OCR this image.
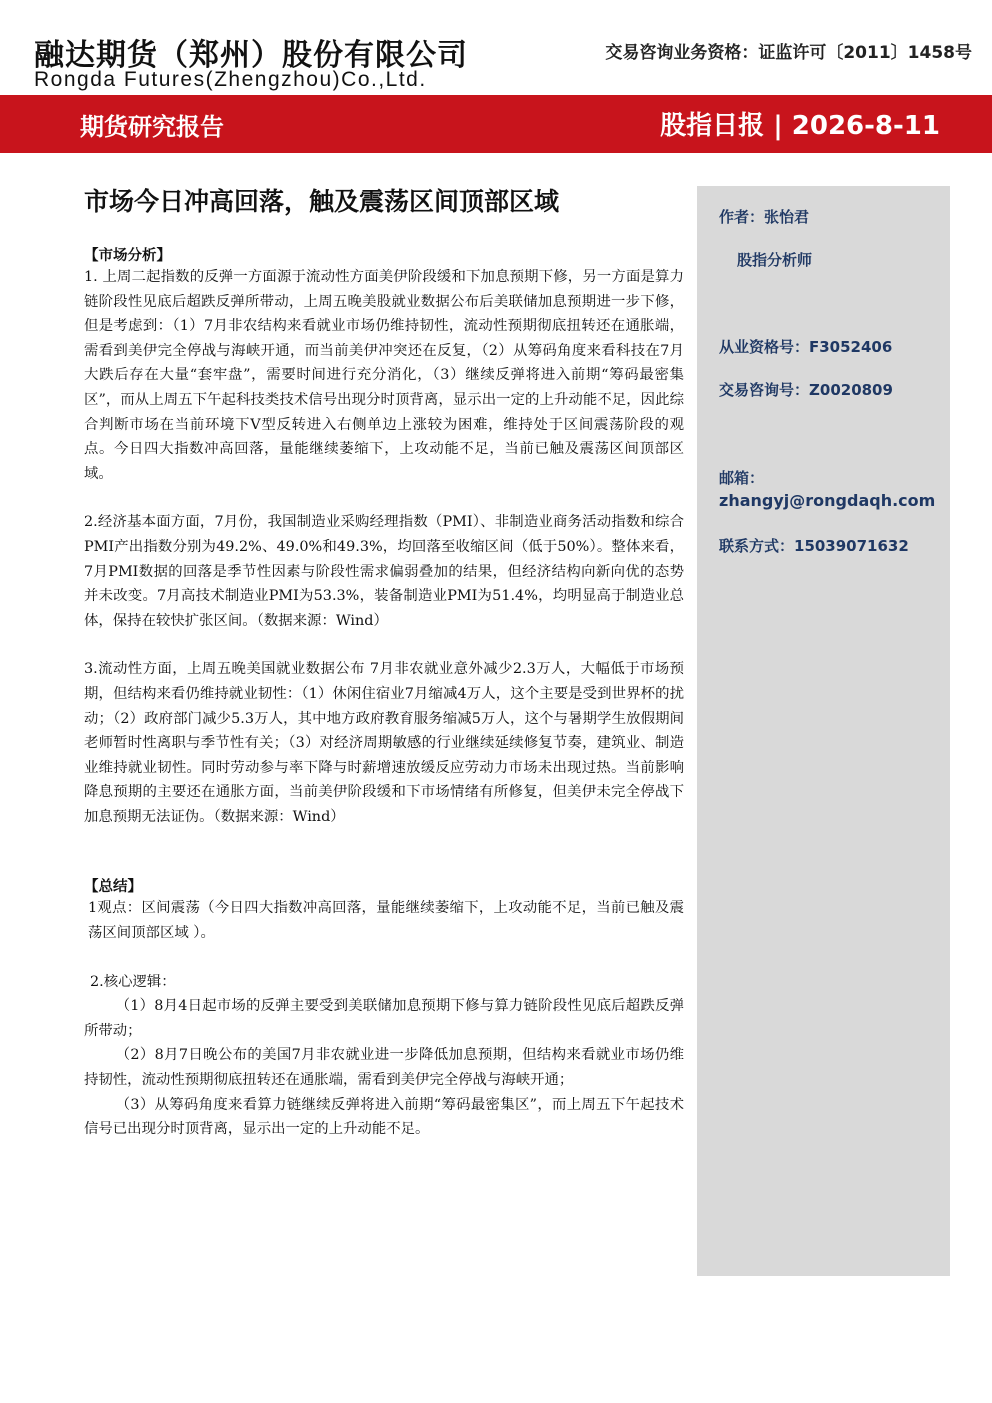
融达期货（郑州）股份有限公司
Rongda Futures(Zhengzhou)Co.,Ltd.
交易咨询业务资格：证监许可〔2011〕1458号
期货研究报告	股指日报 | 2026-8-11
市场今日冲高回落，触及震荡区间顶部区域
【市场分析】
1. 上周二起指数的反弹一方面源于流动性方面美伊阶段缓和下加息预期下修，另一方面是算力链阶段性见底后超跌反弹所带动，上周五晚美股就业数据公布后美联储加息预期进一步下修，但是考虑到：（1）7月非农结构来看就业市场仍维持韧性，流动性预期彻底扭转还在通胀端，需看到美伊完全停战与海峡开通，而当前美伊冲突还在反复，（2）从筹码角度来看科技在7月大跌后存在大量“套牢盘”，需要时间进行充分消化，（3）继续反弹将进入前期“筹码最密集区”，而从上周五下午起科技类技术信号出现分时顶背离，显示出一定的上升动能不足，因此综合判断市场在当前环境下V型反转进入右侧单边上涨较为困难，维持处于区间震荡阶段的观点。今日四大指数冲高回落，量能继续萎缩下，上攻动能不足，当前已触及震荡区间顶部区域。
2.经济基本面方面，7月份，我国制造业采购经理指数（PMI）、非制造业商务活动指数和综合PMI产出指数分别为49.2%、49.0%和49.3%，均回落至收缩区间（低于50%）。整体来看，7月PMI数据的回落是季节性因素与阶段性需求偏弱叠加的结果，但经济结构向新向优的态势并未改变。7月高技术制造业PMI为53.3%，装备制造业PMI为51.4%，均明显高于制造业总体，保持在较快扩张区间。（数据来源：Wind）
3.流动性方面，上周五晚美国就业数据公布 7月非农就业意外减少2.3万人，大幅低于市场预期，但结构来看仍维持就业韧性：（1）休闲住宿业7月缩减4万人，这个主要是受到世界杯的扰动；（2）政府部门减少5.3万人，其中地方政府教育服务缩减5万人，这个与暑期学生放假期间老师暂时性离职与季节性有关；（3）对经济周期敏感的行业继续延续修复节奏，建筑业、制造业维持就业韧性。同时劳动参与率下降与时薪增速放缓反应劳动力市场未出现过热。当前影响降息预期的主要还在通胀方面，当前美伊阶段缓和下市场情绪有所修复，但美伊未完全停战下加息预期无法证伪。（数据来源：Wind）
【总结】
1观点：区间震荡（今日四大指数冲高回落，量能继续萎缩下，上攻动能不足，当前已触及震荡区间顶部区域 ）。
2.核心逻辑：
（1）8月4日起市场的反弹主要受到美联储加息预期下修与算力链阶段性见底后超跌反弹所带动；
（2）8月7日晚公布的美国7月非农就业进一步降低加息预期，但结构来看就业市场仍维持韧性，流动性预期彻底扭转还在通胀端，需看到美伊完全停战与海峡开通；
（3）从筹码角度来看算力链继续反弹将进入前期“筹码最密集区”，而上周五下午起技术信号已出现分时顶背离，显示出一定的上升动能不足。
作者：张怡君
股指分析师
从业资格号：F3052406
交易咨询号：Z0020809
邮箱：
zhangyj@rongdaqh.com
联系方式：15039071632
